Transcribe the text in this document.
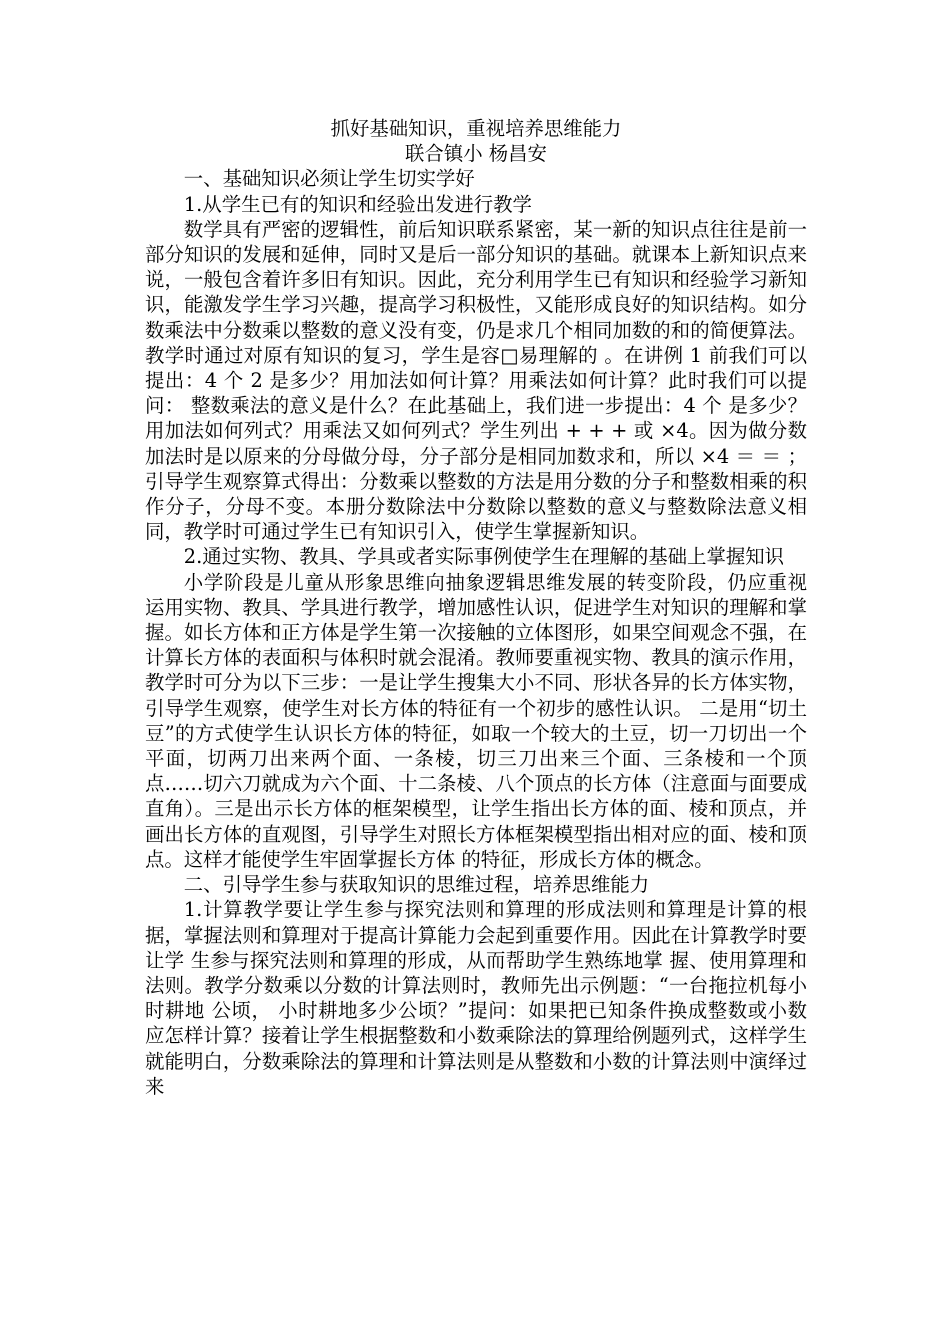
抓好基础知识，重视培养思维能力

联合镇小 杨昌安

一、基础知识必须让学生切实学好

1.从学生已有的知识和经验出发进行教学

数学具有严密的逻辑性，前后知识联系紧密，某一新的知识点往往是前一部分知识的发展和延伸，同时又是后一部分知识的基础。就课本上新知识点来说，一般包含着许多旧有知识。因此，充分利用学生已有知识和经验学习新知识，能激发学生学习兴趣，提高学习积极性，又能形成良好的知识结构。如分数乘法中分数乘以整数的意义没有变，仍是求几个相同加数的和的简便算法。教学时通过对原有知识的复习，学生是容□易理解的 。在讲例 1 前我们可以提出：4 个 2 是多少？用加法如何计算？用乘法如何计算？此时我们可以提问： 整数乘法的意义是什么？在此基础上，我们进一步提出：4 个 是多少？用加法如何列式？用乘法又如何列式？学生列出 + + + 或 ×4。因为做分数加法时是以原来的分母做分母，分子部分是相同加数求和，所以 ×4 ＝ ＝ ；引导学生观察算式得出：分数乘以整数的方法是用分数的分子和整数相乘的积作分子，分母不变。本册分数除法中分数除以整数的意义与整数除法意义相同，教学时可通过学生已有知识引入，使学生掌握新知识。

2.通过实物、教具、学具或者实际事例使学生在理解的基础上掌握知识

小学阶段是儿童从形象思维向抽象逻辑思维发展的转变阶段，仍应重视 运用实物、教具、学具进行教学，增加感性认识，促进学生对知识的理解和掌握。如长方体和正方体是学生第一次接触的立体图形，如果空间观念不强，在计算长方体的表面积与体积时就会混淆。教师要重视实物、教具的演示作用，教学时可分为以下三步：一是让学生搜集大小不同、形状各异的长方体实物，引导学生观察，使学生对长方体的特征有一个初步的感性认识。 二是用“切土豆”的方式使学生认识长方体的特征，如取一个较大的土豆，切一刀切出一个平面，切两刀出来两个面、一条棱，切三刀出来三个面、三条棱和一个顶点……切六刀就成为六个面、十二条棱、八个顶点的长方体（注意面与面要成直角）。三是出示长方体的框架模型，让学生指出长方体的面、棱和顶点，并画出长方体的直观图，引导学生对照长方体框架模型指出相对应的面、棱和顶点。这样才能使学生牢固掌握长方体 的特征，形成长方体的概念。

二、引导学生参与获取知识的思维过程，培养思维能力

1.计算教学要让学生参与探究法则和算理的形成法则和算理是计算的根据，掌握法则和算理对于提高计算能力会起到重要作用。因此在计算教学时要让学 生参与探究法则和算理的形成，从而帮助学生熟练地掌 握、使用算理和法则。教学分数乘以分数的计算法则时，教师先出示例题：“一台拖拉机每小时耕地 公顷， 小时耕地多少公顷？”提问：如果把已知条件换成整数或小数应怎样计算？接着让学生根据整数和小数乘除法的算理给例题列式，这样学生就能明白，分数乘除法的算理和计算法则是从整数和小数的计算法则中演绎过来
